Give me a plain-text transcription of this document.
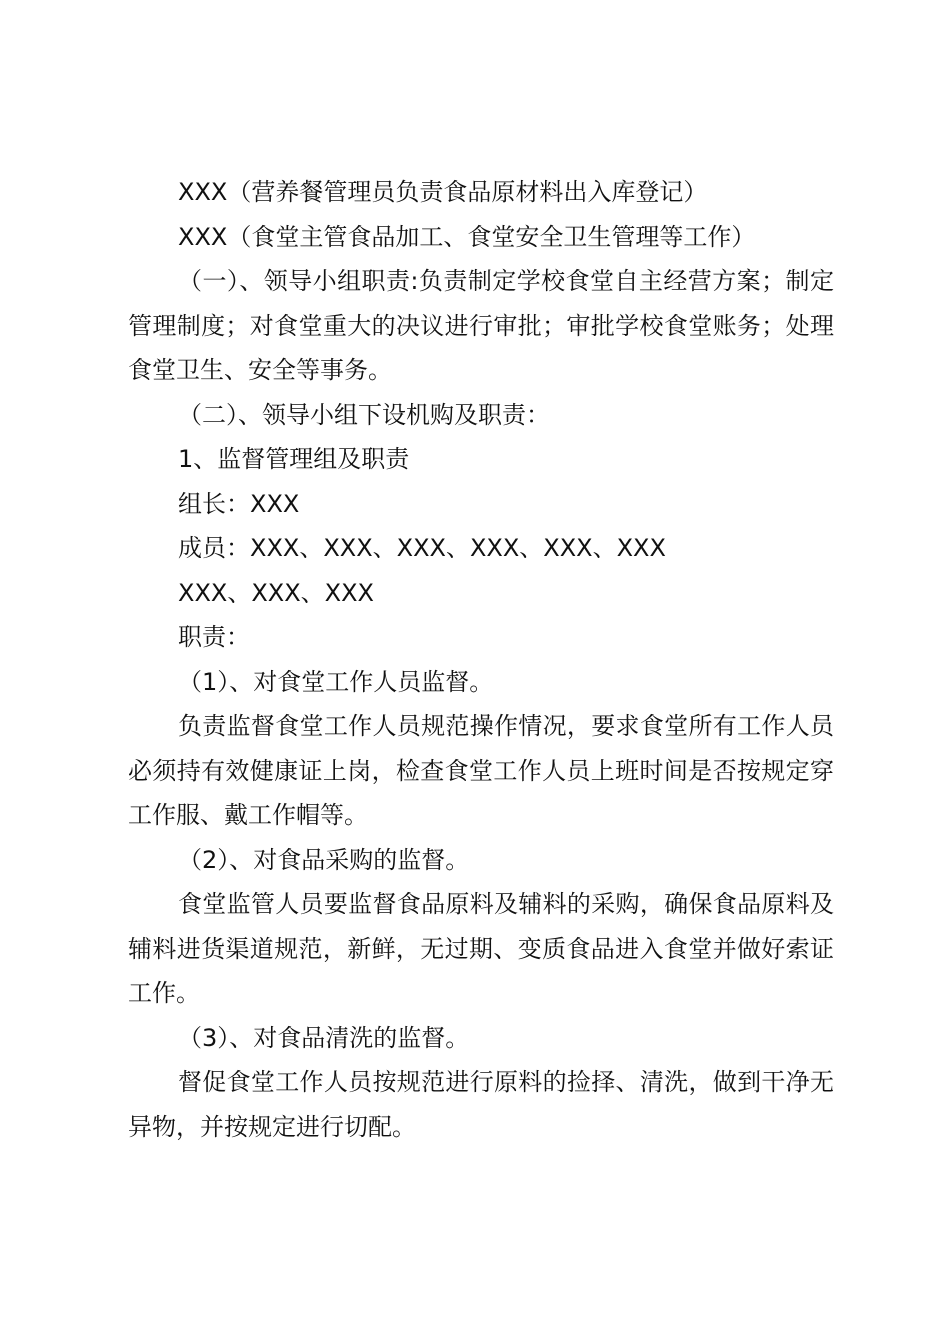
XXX（营养餐管理员负责食品原材料出入库登记）

XXX（食堂主管食品加工、食堂安全卫生管理等工作）

（一）、领导小组职责:负责制定学校食堂自主经营方案；制定管理制度；对食堂重大的决议进行审批；审批学校食堂账务；处理食堂卫生、安全等事务。

（二）、领导小组下设机购及职责：

1、监督管理组及职责

组长：XXX

成员：XXX、XXX、XXX、XXX、XXX、XXX

XXX、XXX、XXX

职责：

（1）、对食堂工作人员监督。

负责监督食堂工作人员规范操作情况，要求食堂所有工作人员必须持有效健康证上岗，检查食堂工作人员上班时间是否按规定穿工作服、戴工作帽等。

（2）、对食品采购的监督。

食堂监管人员要监督食品原料及辅料的采购，确保食品原料及辅料进货渠道规范，新鲜，无过期、变质食品进入食堂并做好索证工作。

（3）、对食品清洗的监督。

督促食堂工作人员按规范进行原料的捡择、清洗，做到干净无异物，并按规定进行切配。
